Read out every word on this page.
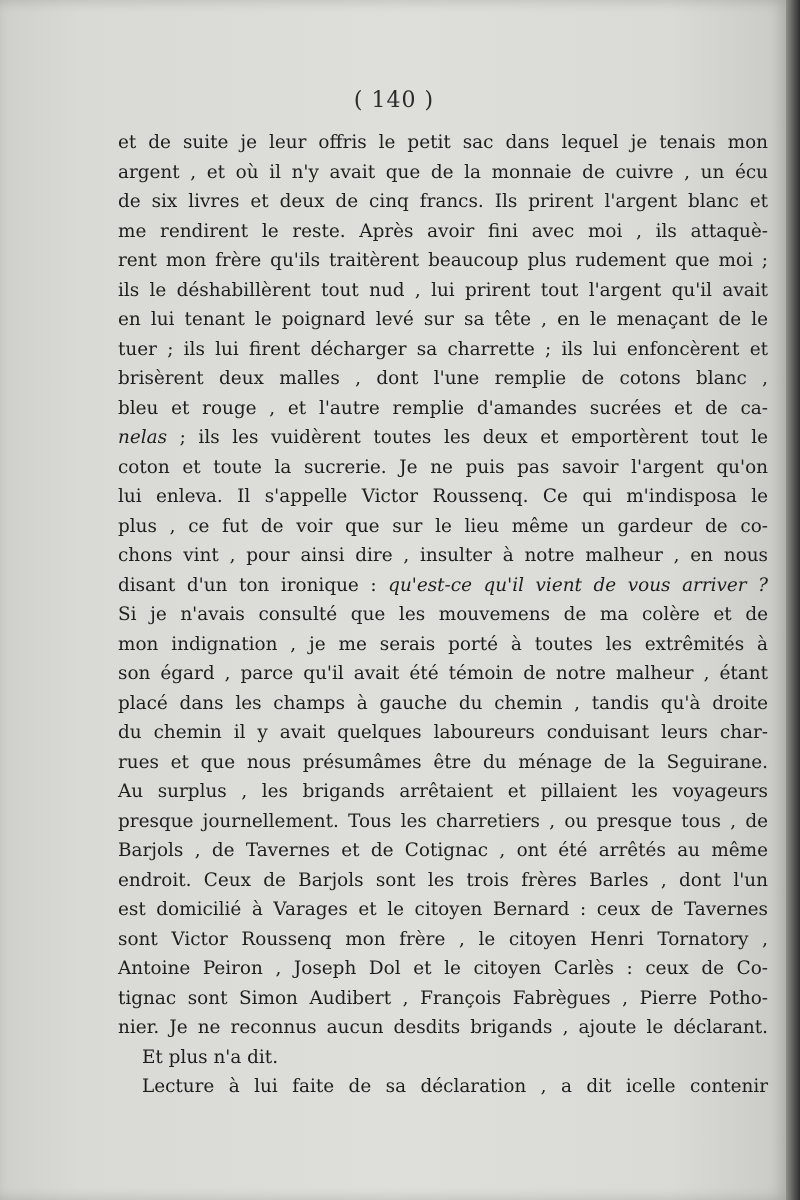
( 140 )
et de suite je leur offris le petit sac dans lequel je tenais mon
argent , et où il n'y avait que de la monnaie de cuivre , un écu
de six livres et deux de cinq francs. Ils prirent l'argent blanc et
me rendirent le reste. Après avoir fini avec moi , ils attaquè-
rent mon frère qu'ils traitèrent beaucoup plus rudement que moi ;
ils le déshabillèrent tout nud , lui prirent tout l'argent qu'il avait
en lui tenant le poignard levé sur sa tête , en le menaçant de le
tuer ; ils lui firent décharger sa charrette ; ils lui enfoncèrent et
brisèrent deux malles , dont l'une remplie de cotons blanc ,
bleu et rouge , et l'autre remplie d'amandes sucrées et de ca-
nelas ; ils les vuidèrent toutes les deux et emportèrent tout le
coton et toute la sucrerie. Je ne puis pas savoir l'argent qu'on
lui enleva. Il s'appelle Victor Roussenq. Ce qui m'indisposa le
plus , ce fut de voir que sur le lieu même un gardeur de co-
chons vint , pour ainsi dire , insulter à notre malheur , en nous
disant d'un ton ironique : qu'est-ce qu'il vient de vous arriver ?
Si je n'avais consulté que les mouvemens de ma colère et de
mon indignation , je me serais porté à toutes les extrêmités à
son égard , parce qu'il avait été témoin de notre malheur , étant
placé dans les champs à gauche du chemin , tandis qu'à droite
du chemin il y avait quelques laboureurs conduisant leurs char-
rues et que nous présumâmes être du ménage de la Seguirane.
Au surplus , les brigands arrêtaient et pillaient les voyageurs
presque journellement. Tous les charretiers , ou presque tous , de
Barjols , de Tavernes et de Cotignac , ont été arrêtés au même
endroit. Ceux de Barjols sont les trois frères Barles , dont l'un
est domicilié à Varages et le citoyen Bernard : ceux de Tavernes
sont Victor Roussenq mon frère , le citoyen Henri Tornatory ,
Antoine Peiron , Joseph Dol et le citoyen Carlès : ceux de Co-
tignac sont Simon Audibert , François Fabrègues , Pierre Potho-
nier. Je ne reconnus aucun desdits brigands , ajoute le déclarant.
Et plus n'a dit.
Lecture à lui faite de sa déclaration , a dit icelle contenir
